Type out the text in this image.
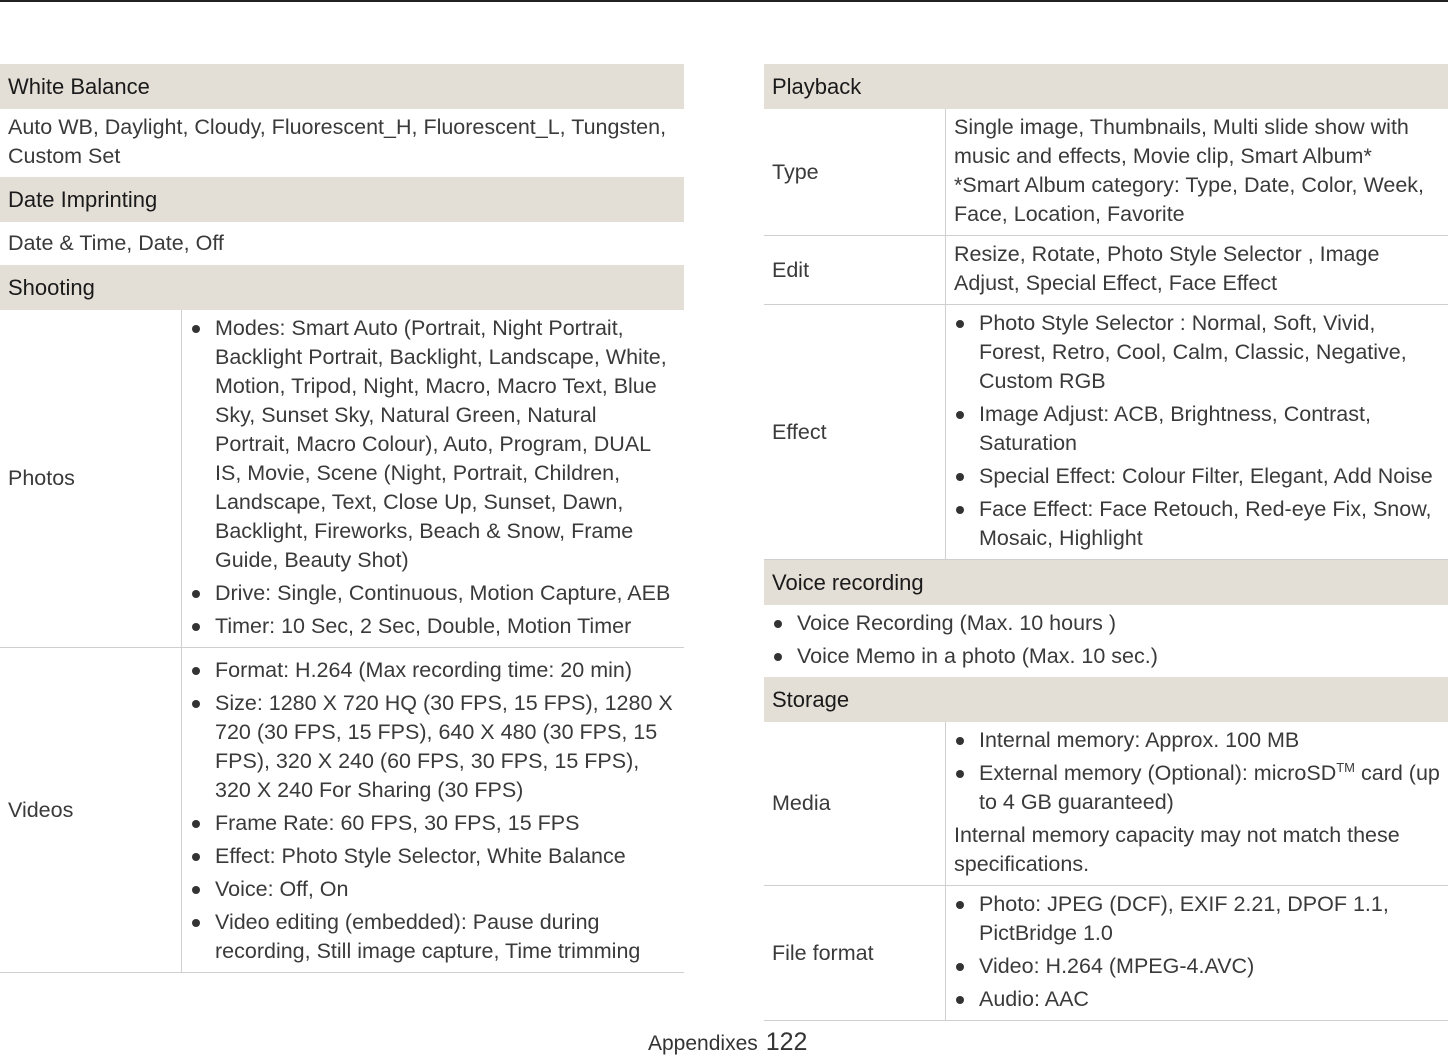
White Balance
Auto WB, Daylight, Cloudy, Fluorescent_H, Fluorescent_L, Tungsten, Custom Set
Date Imprinting
Date & Time, Date, Off
Shooting
Photos
Modes: Smart Auto (Portrait, Night Portrait, Backlight Portrait, Backlight, Landscape, White, Motion, Tripod, Night, Macro, Macro Text, Blue Sky, Sunset Sky, Natural Green, Natural Portrait, Macro Colour), Auto, Program, DUAL IS, Movie, Scene (Night, Portrait, Children, Landscape, Text, Close Up, Sunset, Dawn, Backlight, Fireworks, Beach & Snow, Frame Guide, Beauty Shot)
Drive: Single, Continuous, Motion Capture, AEB
Timer: 10 Sec, 2 Sec, Double, Motion Timer
Videos
Format: H.264 (Max recording time: 20 min)
Size: 1280 X 720 HQ (30 FPS, 15 FPS), 1280 X 720 (30 FPS, 15 FPS), 640 X 480 (30 FPS, 15 FPS), 320 X 240 (60 FPS, 30 FPS, 15 FPS), 320 X 240 For Sharing (30 FPS)
Frame Rate: 60 FPS, 30 FPS, 15 FPS
Effect: Photo Style Selector, White Balance
Voice: Off, On
Video editing (embedded): Pause during recording, Still image capture, Time trimming
Playback
Type
Single image, Thumbnails, Multi slide show with music and effects, Movie clip, Smart Album*
*Smart Album category: Type, Date, Color, Week, Face, Location, Favorite
Edit
Resize, Rotate, Photo Style Selector , Image Adjust, Special Effect, Face Effect
Effect
Photo Style Selector : Normal, Soft, Vivid, Forest, Retro, Cool, Calm, Classic, Negative, Custom RGB
Image Adjust: ACB, Brightness, Contrast, Saturation
Special Effect: Colour Filter, Elegant, Add Noise
Face Effect: Face Retouch, Red-eye Fix, Snow, Mosaic, Highlight
Voice recording
Voice Recording (Max. 10 hours )
Voice Memo in a photo (Max. 10 sec.)
Storage
Media
Internal memory: Approx. 100 MB
External memory (Optional): microSD™ card (up to 4 GB guaranteed)
Internal memory capacity may not match these specifications.
File format
Photo: JPEG (DCF), EXIF 2.21, DPOF 1.1, PictBridge 1.0
Video: H.264 (MPEG-4.AVC)
Audio: AAC
Appendixes 122
